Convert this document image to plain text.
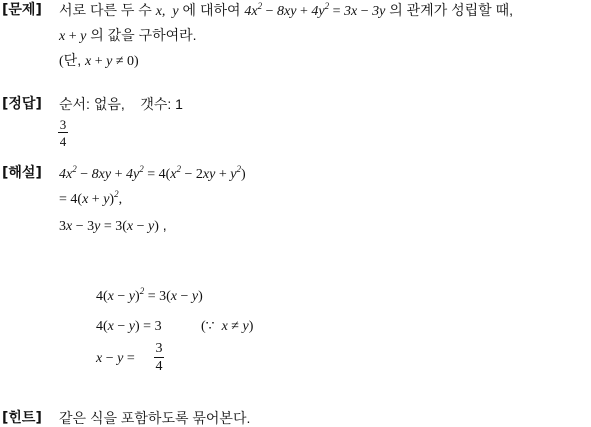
[문제] 서로 다른 두 수 x,  y 에 대하여 $4x^2 - 8xy + 4y^2 = 3x - 3y$ 의 관계가 성립할 때,
x + y 의 값을 구하여라.
(단, x + y ≠ 0)
[정답] 순서: 없음,    갯수: 1
3
4
[해설] $4x^2 - 8xy + 4y^2 = 4(x^2 - 2xy + y^2)$
= $4(x + y)^2$,
3x − 3y = 3(x − y) ,
$4(x - y)^2 = 3(x - y)$
4(x − y) = 3	(∵  x ≠ y)
x − y =
3
4
[힌트] 같은 식을 포함하도록 묶어본다.
